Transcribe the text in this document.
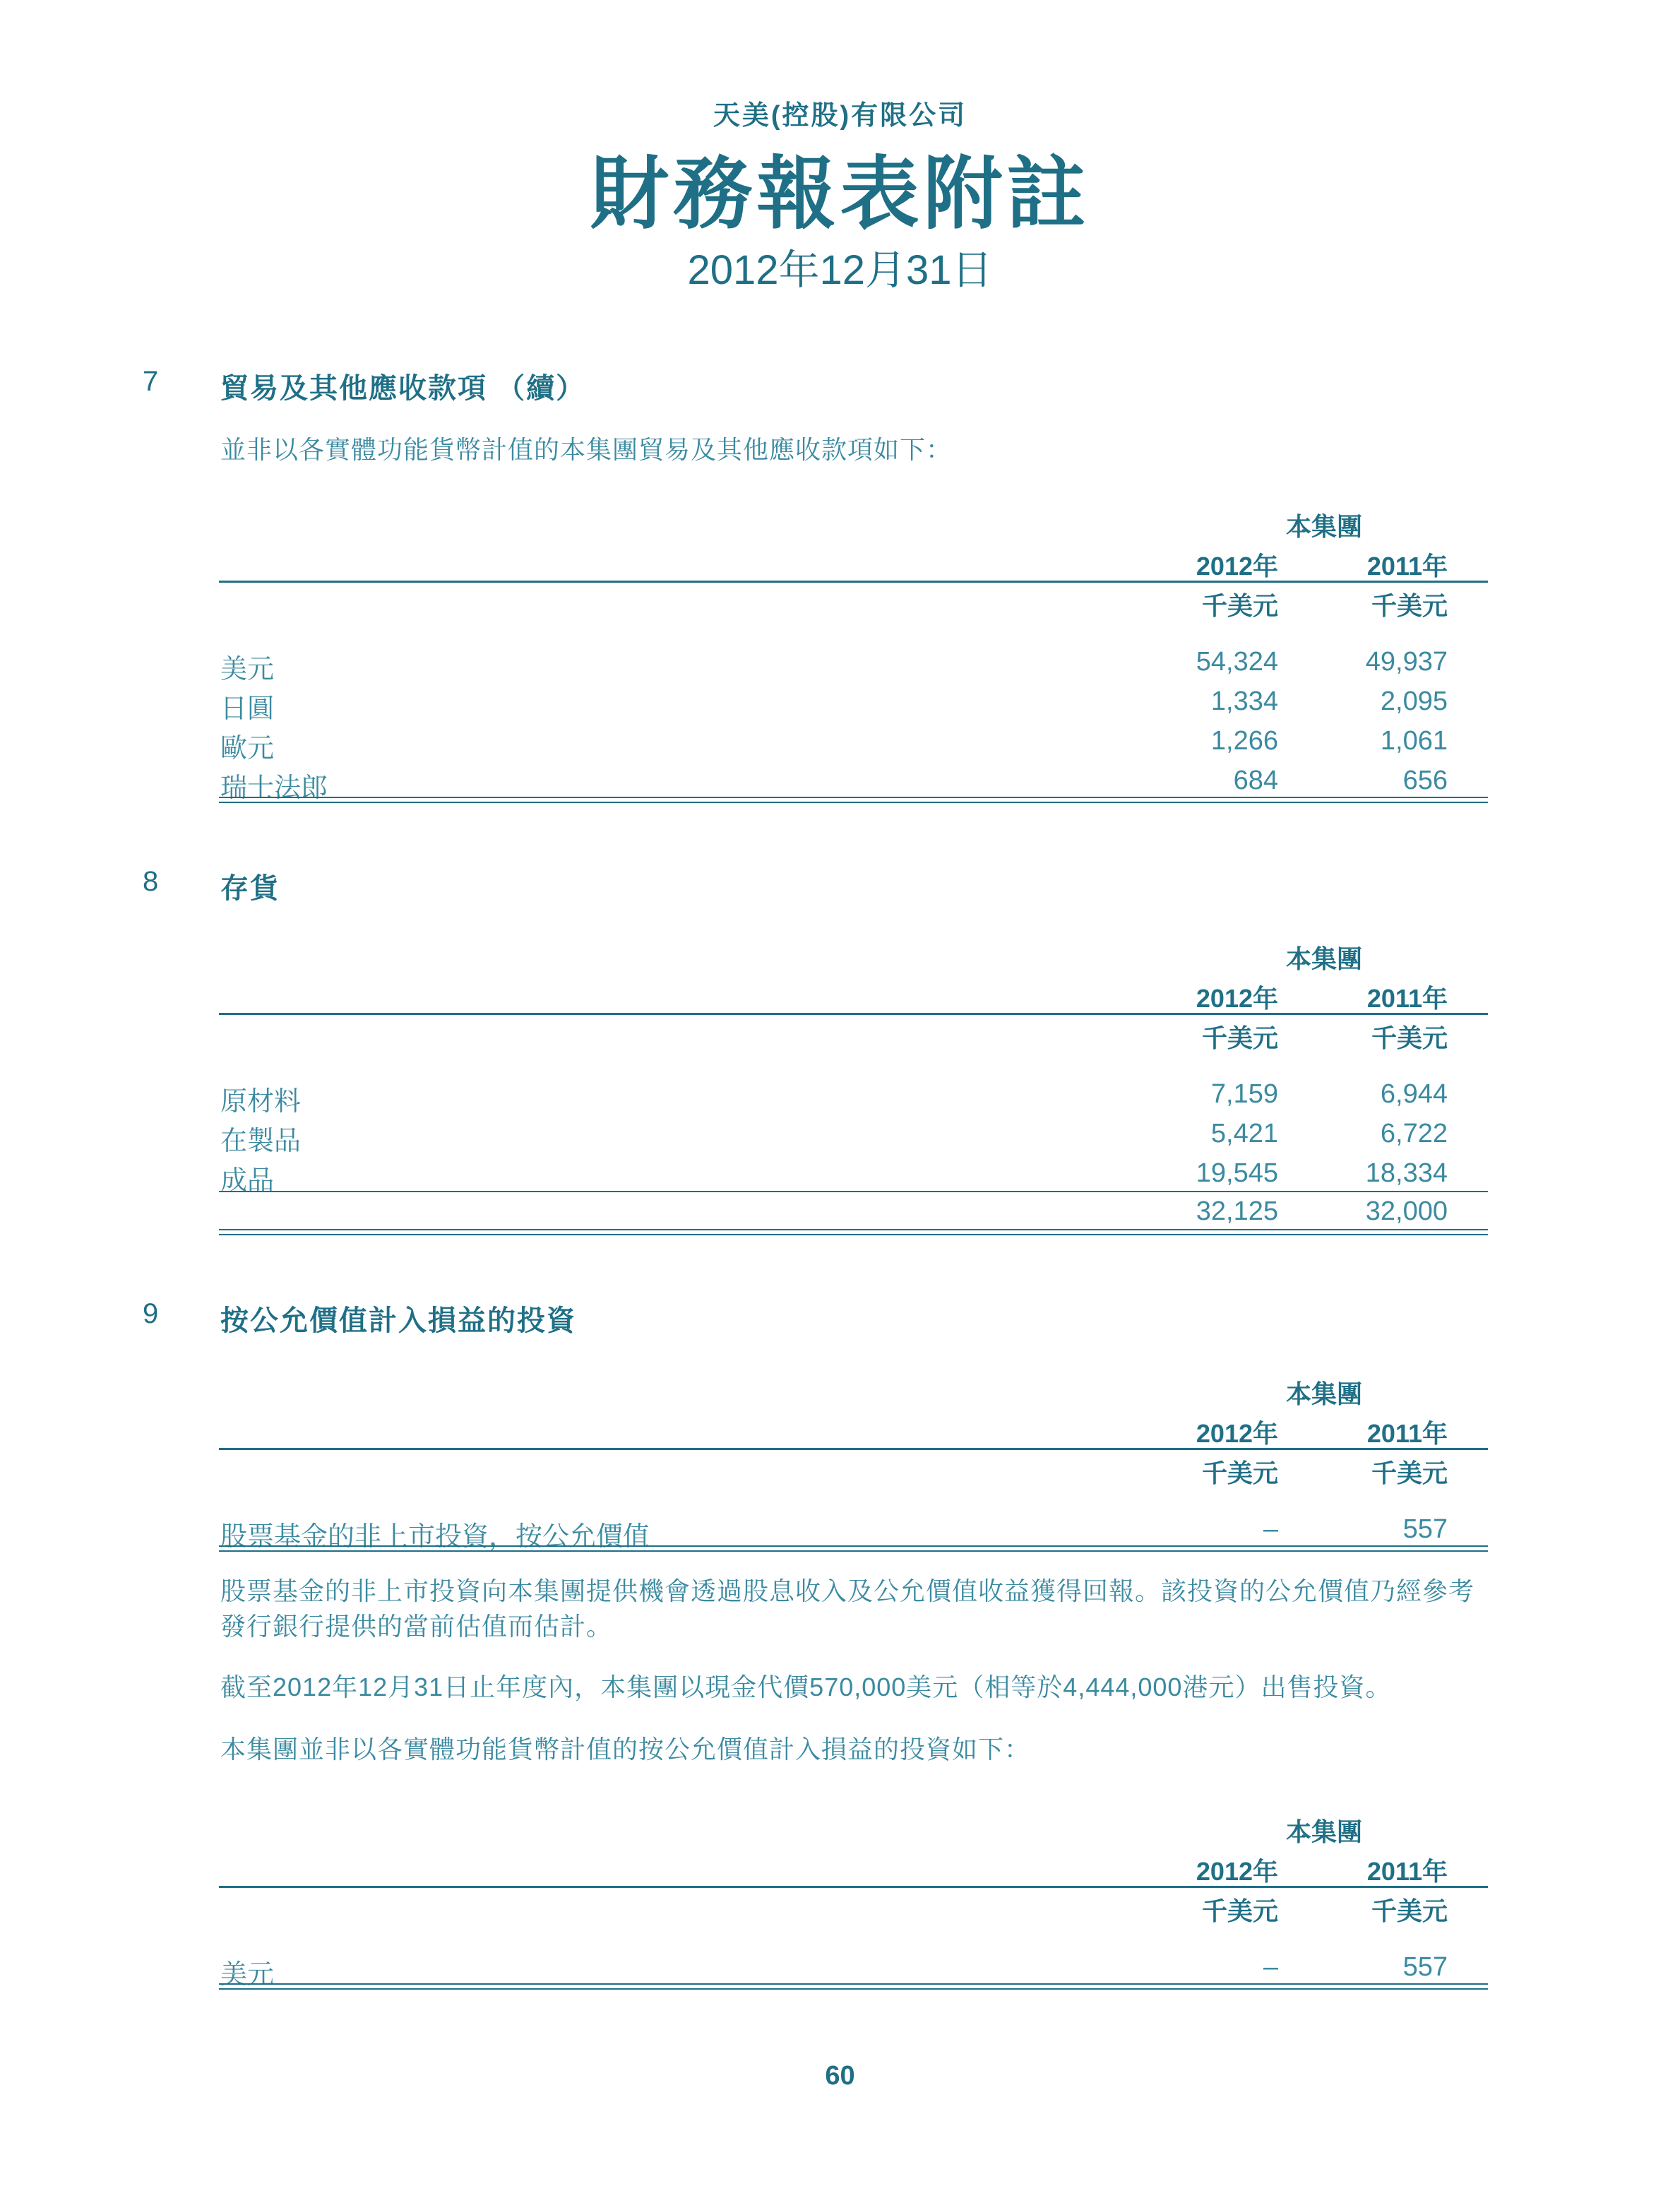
天美(控股)有限公司
財務報表附註
2012年12月31日
7 貿易及其他應收款項 （續）
並非以各實體功能貨幣計值的本集團貿易及其他應收款項如下：
本集團
2012年	2011年
千美元	千美元
美元	54,324	49,937
日圓	1,334	2,095
歐元	1,266	1,061
瑞士法郎	684	656
8 存貨
本集團
2012年	2011年
千美元	千美元
原材料	7,159	6,944
在製品	5,421	6,722
成品	19,545	18,334
32,125	32,000
9 按公允價值計入損益的投資
本集團
2012年	2011年
千美元	千美元
股票基金的非上市投資，按公允價值	–	557
股票基金的非上市投資向本集團提供機會透過股息收入及公允價值收益獲得回報。該投資的公允價值乃經參考發行銀行提供的當前估值而估計。
截至2012年12月31日止年度內，本集團以現金代價570,000美元（相等於4,444,000港元）出售投資。
本集團並非以各實體功能貨幣計值的按公允價值計入損益的投資如下：
本集團
2012年	2011年
千美元	千美元
美元	–	557
60
